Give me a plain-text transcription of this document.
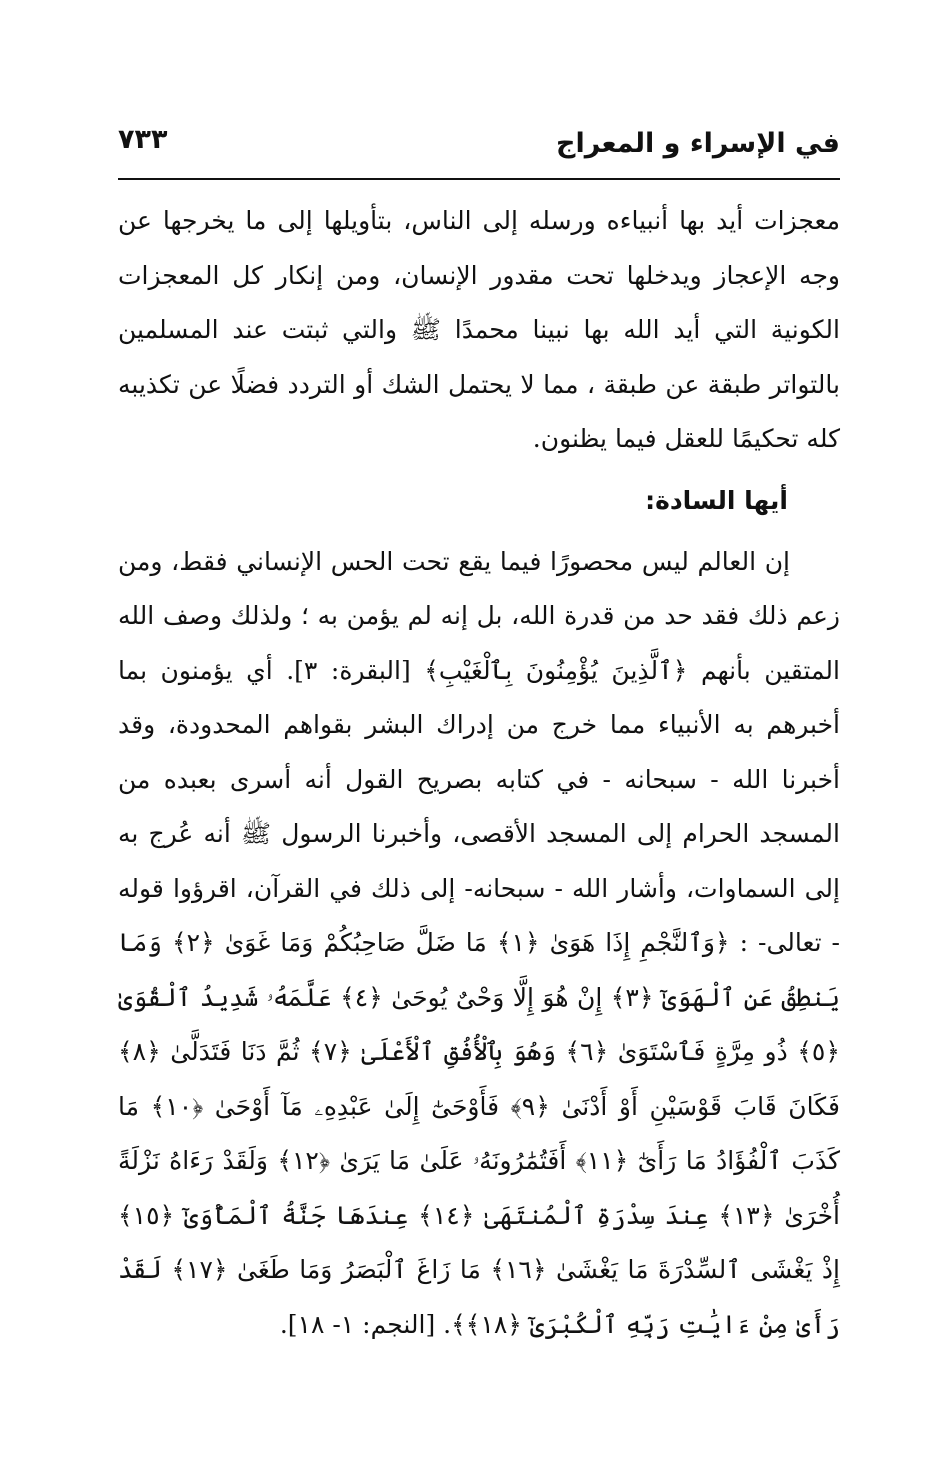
في الإسراء و المعراج
٧٣٣

معجزات أيد بها أنبياءه ورسله إلى الناس، بتأويلها إلى ما يخرجها عن وجه الإعجاز ويدخلها تحت مقدور الإنسان، ومن إنكار كل المعجزات الكونية التي أيد الله بها نبينا محمدًا ﷺ والتي ثبتت عند المسلمين بالتواتر طبقة عن طبقة ، مما لا يحتمل الشك أو التردد فضلًا عن تكذيبه كله تحكيمًا للعقل فيما يظنون.

أيها السادة:

إن العالم ليس محصورًا فيما يقع تحت الحس الإنساني فقط، ومن زعم ذلك فقد حد من قدرة الله، بل إنه لم يؤمن به ؛ ولذلك وصف الله المتقين بأنهم ﴿ٱلَّذِينَ يُؤْمِنُونَ بِٱلْغَيْبِ﴾ [البقرة: ٣]. أي يؤمنون بما أخبرهم به الأنبياء مما خرج من إدراك البشر بقواهم المحدودة، وقد أخبرنا الله - سبحانه - في كتابه بصريح القول أنه أسرى بعبده من المسجد الحرام إلى المسجد الأقصى، وأخبرنا الرسول ﷺ أنه عُرج به إلى السماوات، وأشار الله - سبحانه- إلى ذلك في القرآن، اقرؤوا قوله - تعالى- : ﴿وَٱلنَّجْمِ إِذَا هَوَىٰ ﴿١﴾ مَا ضَلَّ صَاحِبُكُمْ وَمَا غَوَىٰ ﴿٢﴾ وَمَا يَنطِقُ عَنِ ٱلْهَوَىٰٓ ﴿٣﴾ إِنْ هُوَ إِلَّا وَحْىٌ يُوحَىٰ ﴿٤﴾ عَلَّمَهُۥ شَدِيدُ ٱلْقُوَىٰ ﴿٥﴾ ذُو مِرَّةٍ فَٱسْتَوَىٰ ﴿٦﴾ وَهُوَ بِٱلْأُفُقِ ٱلْأَعْلَىٰ ﴿٧﴾ ثُمَّ دَنَا فَتَدَلَّىٰ ﴿٨﴾ فَكَانَ قَابَ قَوْسَيْنِ أَوْ أَدْنَىٰ ﴿٩﴾ فَأَوْحَىٰٓ إِلَىٰ عَبْدِهِۦ مَآ أَوْحَىٰ ﴿١٠﴾ مَا كَذَبَ ٱلْفُؤَادُ مَا رَأَىٰٓ ﴿١١﴾ أَفَتُمَٰرُونَهُۥ عَلَىٰ مَا يَرَىٰ ﴿١٢﴾ وَلَقَدْ رَءَاهُ نَزْلَةً أُخْرَىٰ ﴿١٣﴾ عِندَ سِدْرَةِ ٱلْمُنتَهَىٰ ﴿١٤﴾ عِندَهَا جَنَّةُ ٱلْمَأْوَىٰٓ ﴿١٥﴾ إِذْ يَغْشَى ٱلسِّدْرَةَ مَا يَغْشَىٰ ﴿١٦﴾ مَا زَاغَ ٱلْبَصَرُ وَمَا طَغَىٰ ﴿١٧﴾ لَقَدْ رَأَىٰ مِنْ ءَايَٰتِ رَبِّهِ ٱلْكُبْرَىٰٓ ﴿١٨﴾﴾. [النجم: ١- ١٨].
